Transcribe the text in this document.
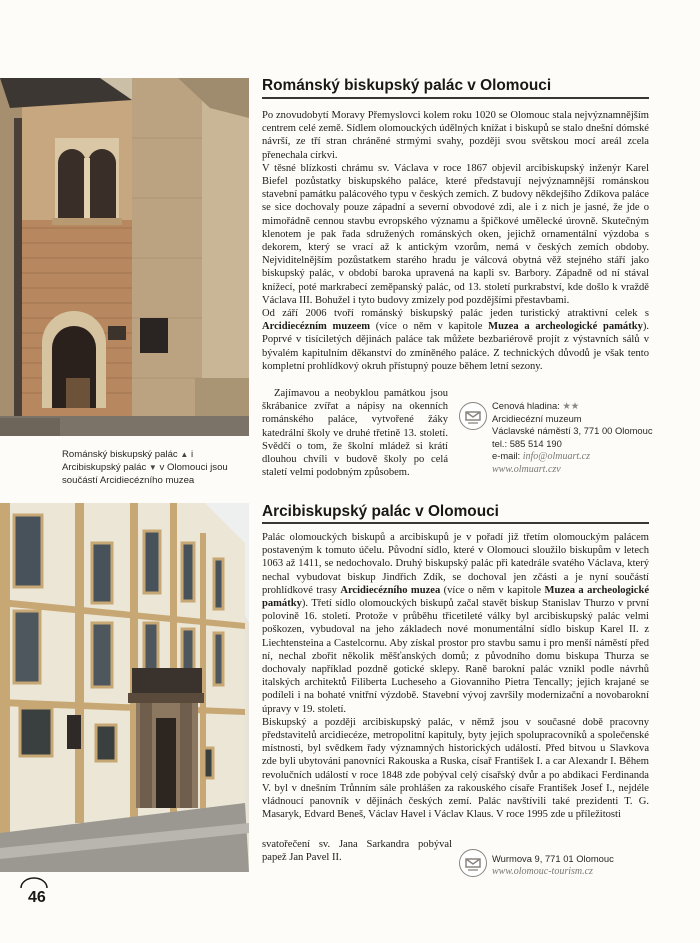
Románský biskupský palác ▲ i Arcibiskupský palác ▼ v Olomouci jsou součástí Arcidiecézního muzea
Románský biskupský palác v Olomouci

Po znovudobytí Moravy Přemyslovci kolem roku 1020 se Olomouc stala nejvýznamnějším centrem celé země. Sídlem olomouckých údělných knížat i biskupů se stalo dnešní dómské návrší, ze tří stran chráněné strmými svahy, později svou světskou mocí areál zcela přenechala církvi.

V těsné blízkosti chrámu sv. Václava v roce 1867 objevil arcibiskupský inženýr Karel Biefel pozůstatky biskupského paláce, které představují nejvýznamnější románskou stavební památku palácového typu v českých zemích. Z budovy někdejšího Zdíkova paláce se sice dochovaly pouze západní a severní obvodové zdi, ale i z nich je jasné, že jde o mimořádně cennou stavbu evropského významu a špičkové umělecké úrovně. Skutečným klenotem je pak řada sdružených románských oken, jejichž ornamentální výzdoba s dekorem, který se vrací až k antickým vzorům, nemá v českých zemích obdoby. Nejviditelnějším pozůstatkem starého hradu je válcová obytná věž stejného stáří jako biskupský palác, v období baroka upravená na kapli sv. Barbory. Západně od ní stával knížecí, poté markrabecí zeměpanský palác, od 13. století purkrabství, kde došlo k vraždě Václava III. Bohužel i tyto budovy zmizely pod pozdějšími přestavbami.

Od září 2006 tvoří románský biskupský palác jeden turistický atraktivní celek s Arcidiecézním muzeem (více o něm v kapitole Muzea a archeologické památky). Poprvé v tisíciletých dějinách paláce tak můžete bezbariérově projít z výstavních sálů v bývalém kapitulním děkanství do zmíněného paláce. Z technických důvodů je však tento kompletní prohlídkový okruh přístupný pouze během letní sezony.

Zajímavou a neobyklou památkou jsou škrábanice zvířat a nápisy na okenních románského paláce, vytvořené žáky katedrální školy ve druhé třetině 13. století. Svědčí o tom, že školní mládež si krátí dlouhou chvíli v budově školy po celá staletí velmi podobným způsobem.

Cenová hladina: ★★
Arcidiecézní muzeum
Václavské náměstí 3, 771 00 Olomouc
tel.: 585 514 190
e-mail: info@olmuart.cz
www.olmuart.czv
Arcibiskupský palác v Olomouci

Palác olomouckých biskupů a arcibiskupů je v pořadí již třetím olomouckým palácem postaveným k tomuto účelu. Původní sídlo, které v Olomouci sloužilo biskupům v letech 1063 až 1411, se nedochovalo. Druhý biskupský palác při katedrále svatého Václava, který nechal vybudovat biskup Jindřich Zdík, se dochoval jen zčásti a je nyní součástí prohlídkové trasy Arcidiecézního muzea (více o něm v kapitole Muzea a archeologické památky). Třetí sídlo olomouckých biskupů začal stavět biskup Stanislav Thurzo v první polovině 16. století. Protože v průběhu třicetileté války byl arcibiskupský palác velmi poškozen, vybudoval na jeho základech nové monumentální sídlo biskup Karel II. z Liechtensteina a Castelcornu. Aby získal prostor pro stavbu samu i pro menší náměstí před ní, nechal zbořit několik měšťanských domů; z původního domu biskupa Thurza se dochovaly například pozdně gotické sklepy. Raně barokní palác vznikl podle návrhů italských architektů Filiberta Lucheseho a Giovanniho Pietra Tencally; jejich krajané se podíleli i na bohaté vnitřní výzdobě. Stavební vývoj završily modernizační a novobarokní úpravy v 19. století.

Biskupský a později arcibiskupský palác, v němž jsou v současné době pracovny představitelů arcidiecéze, metropolitní kapituly, byty jejich spolupracovníků a společenské místnosti, byl svědkem řady významných historických událostí. Před bitvou u Slavkova zde byli ubytováni panovníci Rakouska a Ruska, císař František I. a car Alexandr I. Během revolučních událostí v roce 1848 zde pobýval celý císařský dvůr a po abdikaci Ferdinanda V. byl v dnešním Trůnním sále prohlášen za rakouského císaře František Josef I., nejdéle vládnoucí panovník v dějinách českých zemí. Palác navštívili také prezidenti T. G. Masaryk, Edvard Beneš, Václav Havel i Václav Klaus. V roce 1995 zde u příležitosti

svatořečení sv. Jana Sarkandra pobýval papež Jan Pavel II.	Wurmova 9, 771 01 Olomouc
www.olomouc-tourism.cz
46
